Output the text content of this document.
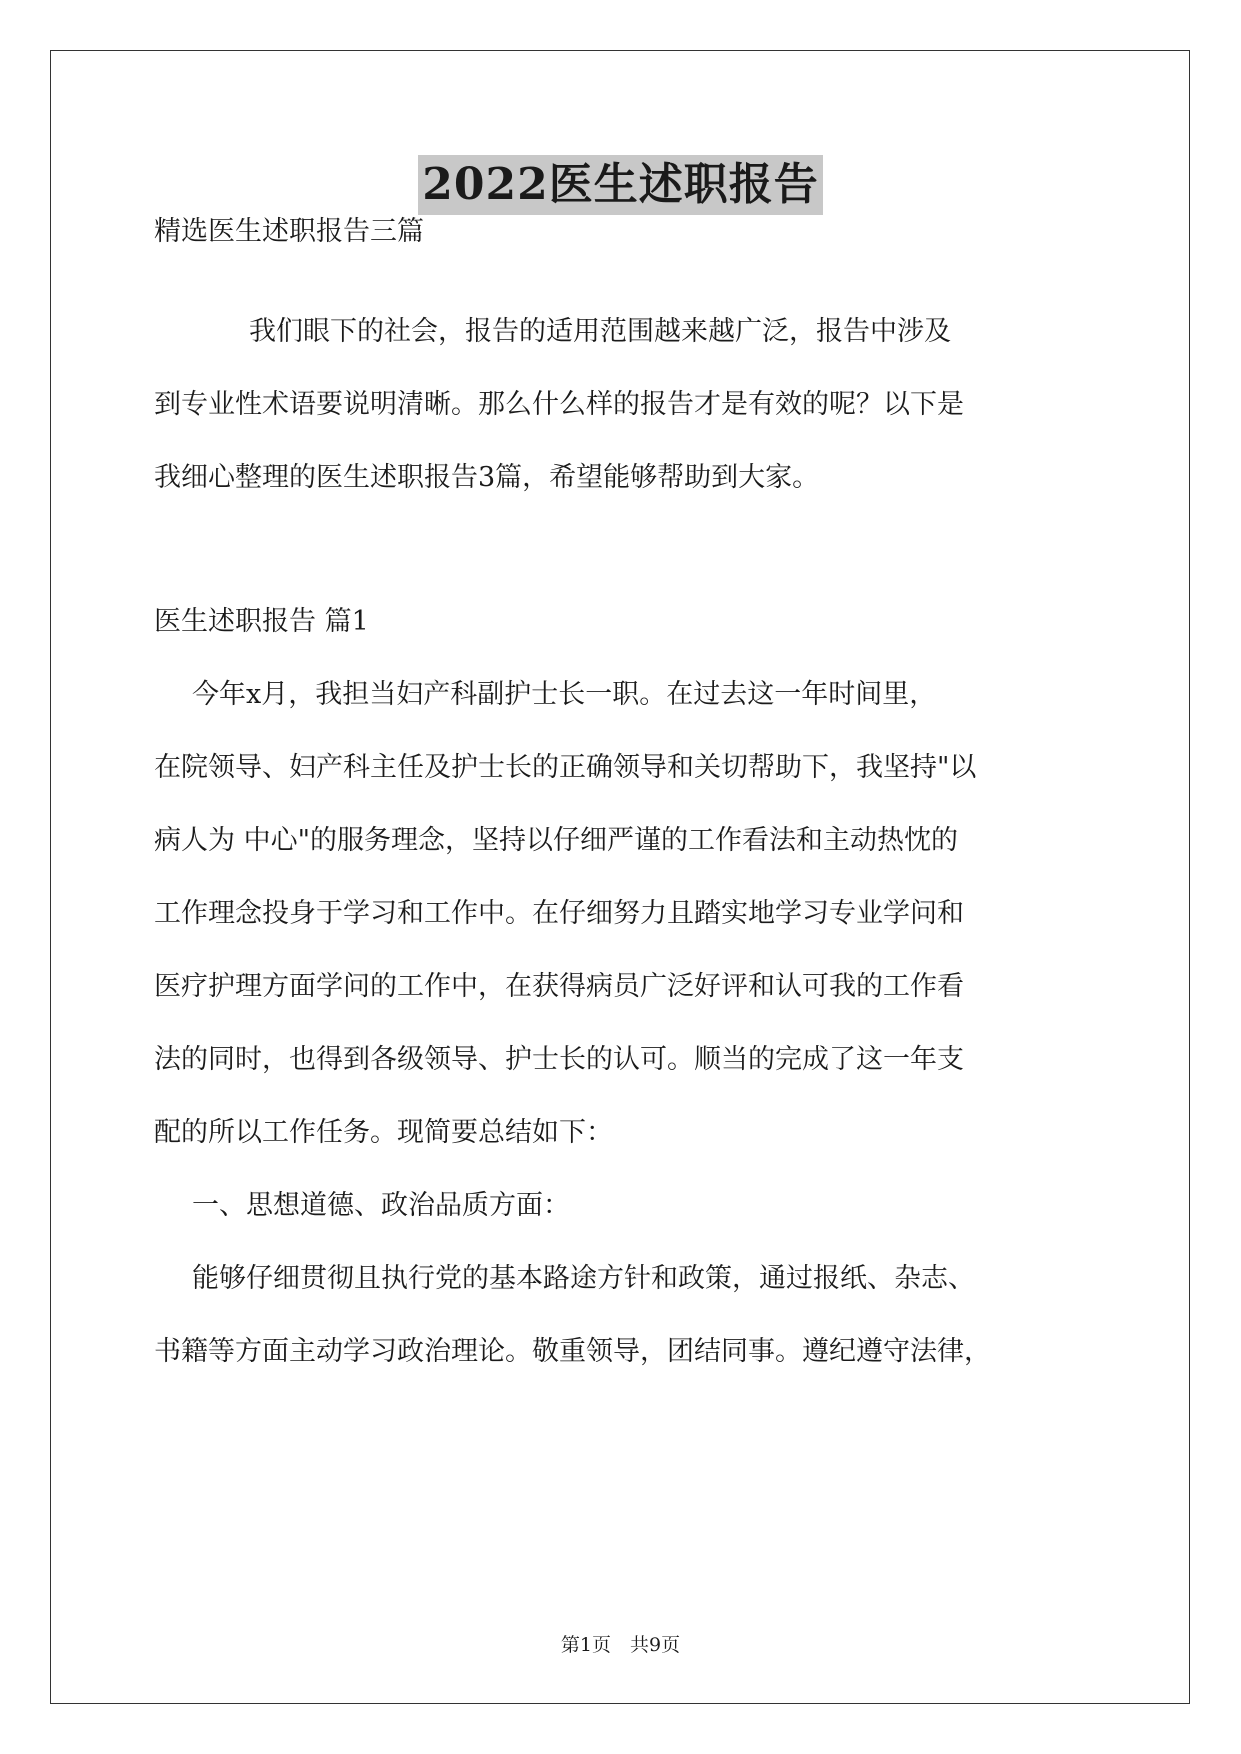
2022医生述职报告
精选医生述职报告三篇
我们眼下的社会，报告的适用范围越来越广泛，报告中涉及
到专业性术语要说明清晰。那么什么样的报告才是有效的呢？以下是
我细心整理的医生述职报告3篇，希望能够帮助到大家。
医生述职报告 篇1
今年x月，我担当妇产科副护士长一职。在过去这一年时间里，
在院领导、妇产科主任及护士长的正确领导和关切帮助下，我坚持"以
病人为 中心"的服务理念，坚持以仔细严谨的工作看法和主动热忱的
工作理念投身于学习和工作中。在仔细努力且踏实地学习专业学问和
医疗护理方面学问的工作中，在获得病员广泛好评和认可我的工作看
法的同时，也得到各级领导、护士长的认可。顺当的完成了这一年支
配的所以工作任务。现简要总结如下：
一、思想道德、政治品质方面：
能够仔细贯彻且执行党的基本路途方针和政策，通过报纸、杂志、
书籍等方面主动学习政治理论。敬重领导，团结同事。遵纪遵守法律，
第1页　共9页
